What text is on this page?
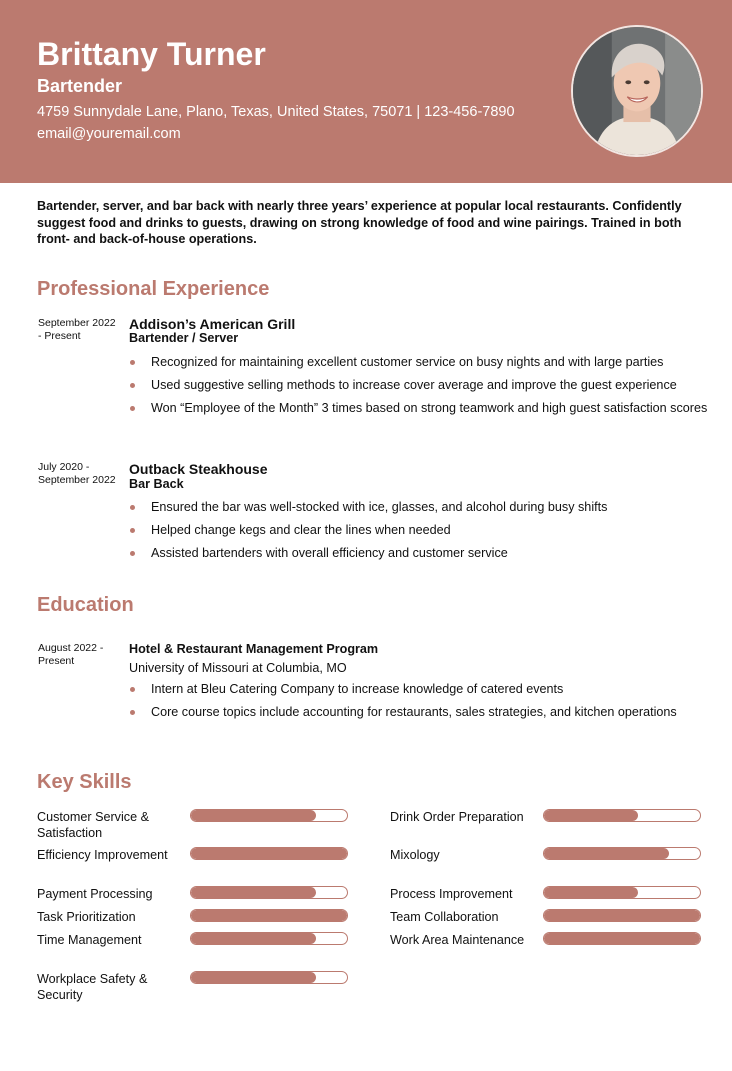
Brittany Turner
Bartender
4759 Sunnydale Lane, Plano, Texas, United States, 75071 | 123-456-7890
email@youremail.com
Bartender, server, and bar back with nearly three years’ experience at popular local restaurants. Confidently suggest food and drinks to guests, drawing on strong knowledge of food and wine pairings. Trained in both front- and back-of-house operations.
Professional Experience
September 2022 - Present
Addison’s American Grill
Bartender / Server
Recognized for maintaining excellent customer service on busy nights and with large parties
Used suggestive selling methods to increase cover average and improve the guest experience
Won “Employee of the Month” 3 times based on strong teamwork and high guest satisfaction scores
July 2020 - September 2022
Outback Steakhouse
Bar Back
Ensured the bar was well-stocked with ice, glasses, and alcohol during busy shifts
Helped change kegs and clear the lines when needed
Assisted bartenders with overall efficiency and customer service
Education
August 2022 - Present
Hotel & Restaurant Management Program
University of Missouri at Columbia, MO
Intern at Bleu Catering Company to increase knowledge of catered events
Core course topics include accounting for restaurants, sales strategies, and kitchen operations
Key Skills
Customer Service & Satisfaction
Efficiency Improvement
Payment Processing
Task Prioritization
Time Management
Workplace Safety & Security
Drink Order Preparation
Mixology
Process Improvement
Team Collaboration
Work Area Maintenance
